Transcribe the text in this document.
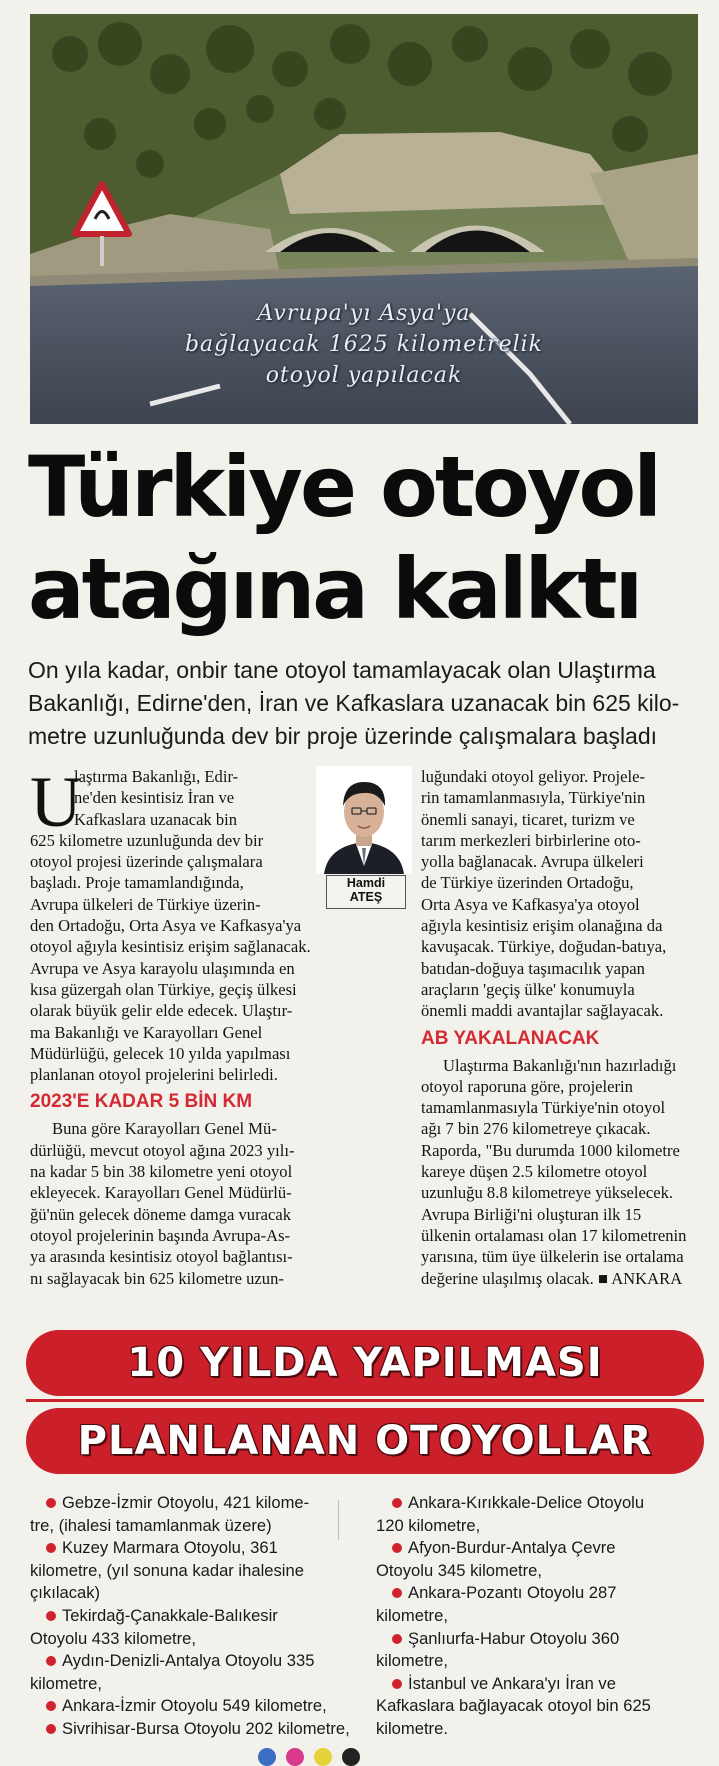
Avrupa'yı Asya'ya
bağlayacak 1625 kilometrelik
otoyol yapılacak
Türkiye otoyol
atağına kalktı
On yıla kadar, onbir tane otoyol tamamlayacak olan Ulaştırma
Bakanlığı, Edirne'den, İran ve Kafkaslara uzanacak bin 625 kilo-
metre uzunluğunda dev bir proje üzerinde çalışmalara başladı
U
laştırma Bakanlığı, Edir-
ne'den kesintisiz İran ve
Kafkaslara uzanacak bin
625 kilometre uzunluğunda dev bir
otoyol projesi üzerinde çalışmalara
başladı. Proje tamamlandığında,
Avrupa ülkeleri de Türkiye üzerin-
den Ortadoğu, Orta Asya ve Kafkasya'ya
otoyol ağıyla kesintisiz erişim sağlanacak.
Avrupa ve Asya karayolu ulaşımında en
kısa güzergah olan Türkiye, geçiş ülkesi
olarak büyük gelir elde edecek. Ulaştır-
ma Bakanlığı ve Karayolları Genel
Müdürlüğü, gelecek 10 yılda yapılması
planlanan otoyol projelerini belirledi.
2023'E KADAR 5 BİN KM
Buna göre Karayolları Genel Mü-
dürlüğü, mevcut otoyol ağına 2023 yılı-
na kadar 5 bin 38 kilometre yeni otoyol
ekleyecek. Karayolları Genel Müdürlü-
ğü'nün gelecek döneme damga vuracak
otoyol projelerinin başında Avrupa-As-
ya arasında kesintisiz otoyol bağlantısı-
nı sağlayacak bin 625 kilometre uzun-
Hamdi
ATEŞ
luğundaki otoyol geliyor. Projele-
rin tamamlanmasıyla, Türkiye'nin
önemli sanayi, ticaret, turizm ve
tarım merkezleri birbirlerine oto-
yolla bağlanacak. Avrupa ülkeleri
de Türkiye üzerinden Ortadoğu,
Orta Asya ve Kafkasya'ya otoyol
ağıyla kesintisiz erişim olanağına da
kavuşacak. Türkiye, doğudan-batıya,
batıdan-doğuya taşımacılık yapan
araçların 'geçiş ülke' konumuyla
önemli maddi avantajlar sağlayacak.
AB YAKALANACAK
Ulaştırma Bakanlığı'nın hazırladığı
otoyol raporuna göre, projelerin
tamamlanmasıyla Türkiye'nin otoyol
ağı 7 bin 276 kilometreye çıkacak.
Raporda, "Bu durumda 1000 kilometre
kareye düşen 2.5 kilometre otoyol
uzunluğu 8.8 kilometreye yükselecek.
Avrupa Birliği'ni oluşturan ilk 15
ülkenin ortalaması olan 17 kilometrenin
yarısına, tüm üye ülkelerin ise ortalama
değerine ulaşılmış olacak. ■ ANKARA
10 YILDA YAPILMASI
PLANLANAN OTOYOLLAR
Gebze-İzmir Otoyolu, 421 kilome-
tre, (ihalesi tamamlanmak üzere)
Kuzey Marmara Otoyolu, 361
kilometre, (yıl sonuna kadar ihalesine
çıkılacak)
Tekirdağ-Çanakkale-Balıkesir
Otoyolu 433 kilometre,
Aydın-Denizli-Antalya Otoyolu 335
kilometre,
Ankara-İzmir Otoyolu 549 kilometre,
Sivrihisar-Bursa Otoyolu 202 kilometre,
Ankara-Kırıkkale-Delice Otoyolu
120 kilometre,
Afyon-Burdur-Antalya Çevre
Otoyolu 345 kilometre,
Ankara-Pozantı Otoyolu 287
kilometre,
Şanlıurfa-Habur Otoyolu 360
kilometre,
İstanbul ve Ankara'yı İran ve
Kafkaslara bağlayacak otoyol bin 625
kilometre.
